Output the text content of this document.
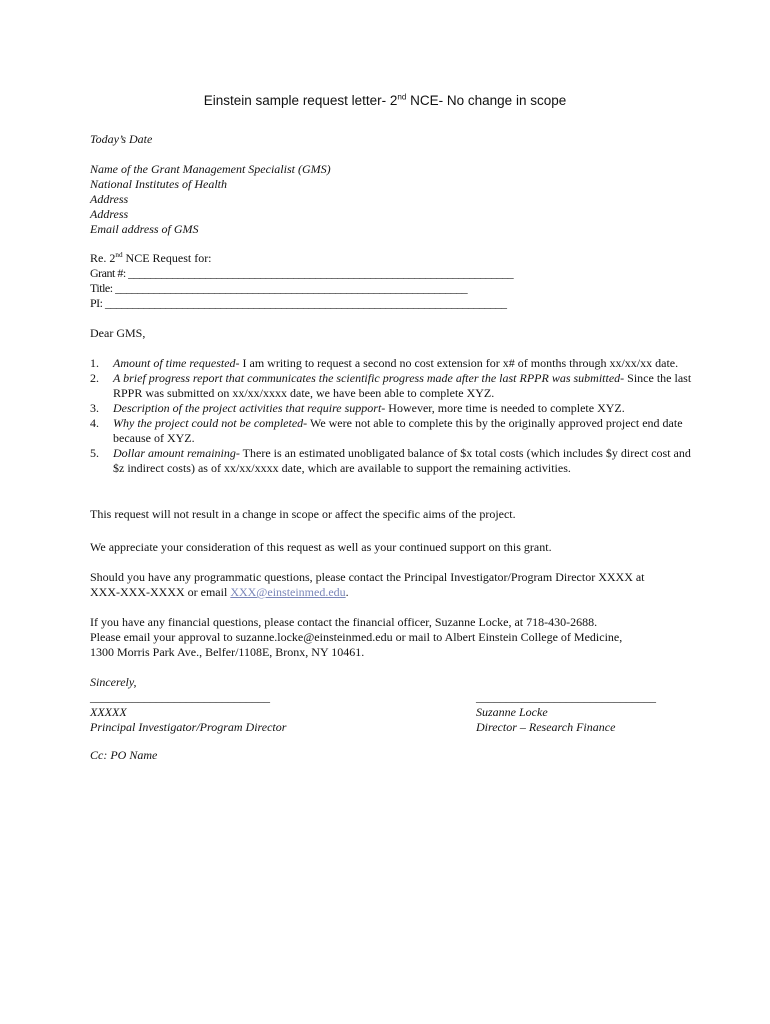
Einstein sample request letter- 2nd NCE- No change in scope
Today’s Date
Name of the Grant Management Specialist (GMS)
National Institutes of Health
Address
Address
Email address of GMS
Re. 2nd NCE Request for:
Grant #: ______________________________________________________________________
Title: ________________________________________________________________
PI: _________________________________________________________________________
Dear GMS,
1. Amount of time requested- I am writing to request a second no cost extension for x# of months through xx/xx/xx date.
2. A brief progress report that communicates the scientific progress made after the last RPPR was submitted- Since the last RPPR was submitted on xx/xx/xxxx date, we have been able to complete XYZ.
3. Description of the project activities that require support- However, more time is needed to complete XYZ.
4. Why the project could not be completed- We were not able to complete this by the originally approved project end date because of XYZ.
5. Dollar amount remaining- There is an estimated unobligated balance of $x total costs (which includes $y direct cost and $z indirect costs) as of xx/xx/xxxx date, which are available to support the remaining activities.
This request will not result in a change in scope or affect the specific aims of the project.
We appreciate your consideration of this request as well as your continued support on this grant.
Should you have any programmatic questions, please contact the Principal Investigator/Program Director XXXX at
XXX-XXX-XXXX or email XXX@einsteinmed.edu.
If you have any financial questions, please contact the financial officer, Suzanne Locke, at 718-430-2688.
Please email your approval to suzanne.locke@einsteinmed.edu or mail to Albert Einstein College of Medicine,
1300 Morris Park Ave., Belfer/1108E, Bronx, NY 10461.
Sincerely,
______________________________
XXXXX
Principal Investigator/Program Director
______________________________
Suzanne Locke
Director – Research Finance
Cc: PO Name
